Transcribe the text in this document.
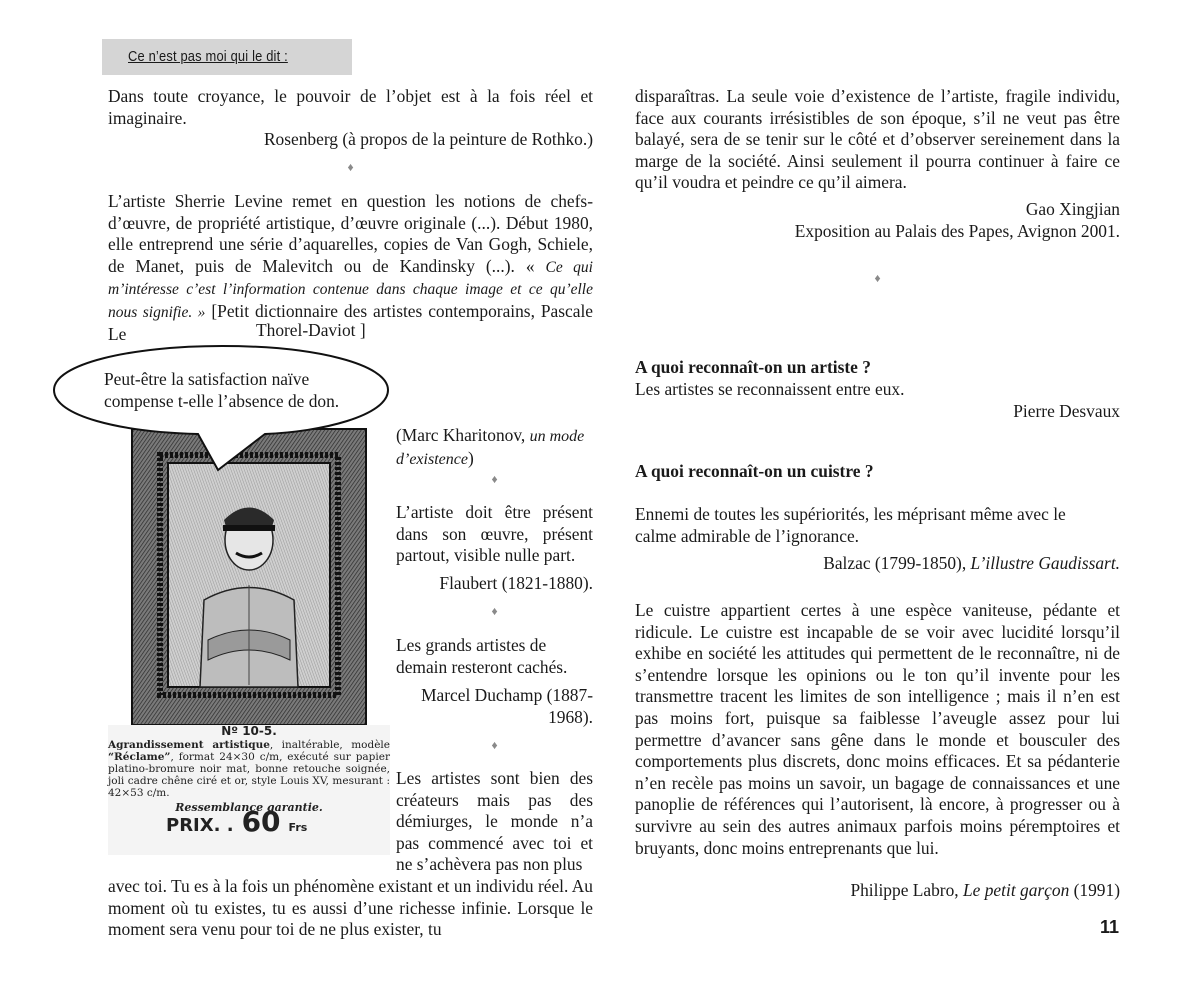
Ce n’est pas moi qui le dit :
Dans toute croyance, le pouvoir de l’objet est à la fois réel et imaginaire.
Rosenberg (à propos de la peinture de Rothko.)
♦
L’artiste Sherrie Levine remet en question les notions de chefs-d’œuvre, de propriété artistique, d’œuvre originale (...). Début 1980, elle entreprend une série d’aquarelles, copies de Van Gogh, Schiele, de Manet, puis de Malevitch ou de Kandinsky (...). « Ce qui m’intéresse c’est l’information contenue dans chaque image et ce qu’elle nous signifie. » [Petit dictionnaire des artistes contemporains, Pascale Le	Thorel-Daviot ]
Nº 10-5.
Agrandissement artistique, inaltérable, modèle “Réclame”, format 24×30 c/m, exécuté sur papier platino-bromure noir mat, bonne retouche soignée, joli cadre chêne ciré et or, style Louis XV, mesurant : 42×53 c/m.
Ressemblance garantie.
PRIX. . 60 Frs
Peut-être la satisfaction naïve compense t-elle l’absence de don.
(Marc Kharitonov, un mode d’existence)
♦
L’artiste doit être présent dans son œuvre, présent partout, visible nulle part.
Flaubert (1821-1880).
♦
Les grands artistes de demain resteront cachés.
Marcel Duchamp (1887-1968).
♦
Les artistes sont bien des créateurs mais pas des démiurges, le monde n’a pas commencé avec toi et ne s’achèvera pas non plus
avec toi. Tu es à la fois un phénomène existant et un individu réel. Au moment où tu existes, tu es aussi d’une richesse infinie. Lorsque le moment sera venu pour toi de ne plus exister, tu
disparaîtras. La seule voie d’existence de l’artiste, fragile individu, face aux courants irrésistibles de son époque, s’il ne veut pas être balayé, sera de se tenir sur le côté et d’observer sereinement dans la marge de la société. Ainsi seulement il pourra continuer à faire ce qu’il voudra et peindre ce qu’il aimera.
Gao Xingjian
Exposition au Palais des Papes, Avignon 2001.
♦
A quoi reconnaît-on un artiste ?
Les artistes se reconnaissent entre eux.
Pierre Desvaux
A quoi reconnaît-on un cuistre ?
Ennemi de toutes les supériorités, les méprisant même avec le calme admirable de l’ignorance.
Balzac (1799-1850), L’illustre Gaudissart.
Le cuistre appartient certes à une espèce vaniteuse, pédante et ridicule. Le cuistre est incapable de se voir avec lucidité lorsqu’il exhibe en société les attitudes qui permettent de le reconnaître, ni de s’entendre lorsque les opinions ou le ton qu’il invente pour les transmettre tracent les limites de son intelligence ; mais il n’en est pas moins fort, puisque sa faiblesse l’aveugle assez pour lui permettre d’avancer sans gêne dans le monde et bousculer des comportements plus discrets, donc moins efficaces. Et sa pédanterie n’en recèle pas moins un savoir, un bagage de connaissances et une panoplie de références qui l’autorisent, là encore, à progresser ou à survivre au sein des autres animaux parfois moins péremptoires et bruyants, donc moins entreprenants que lui.
Philippe Labro, Le petit garçon (1991)
11
